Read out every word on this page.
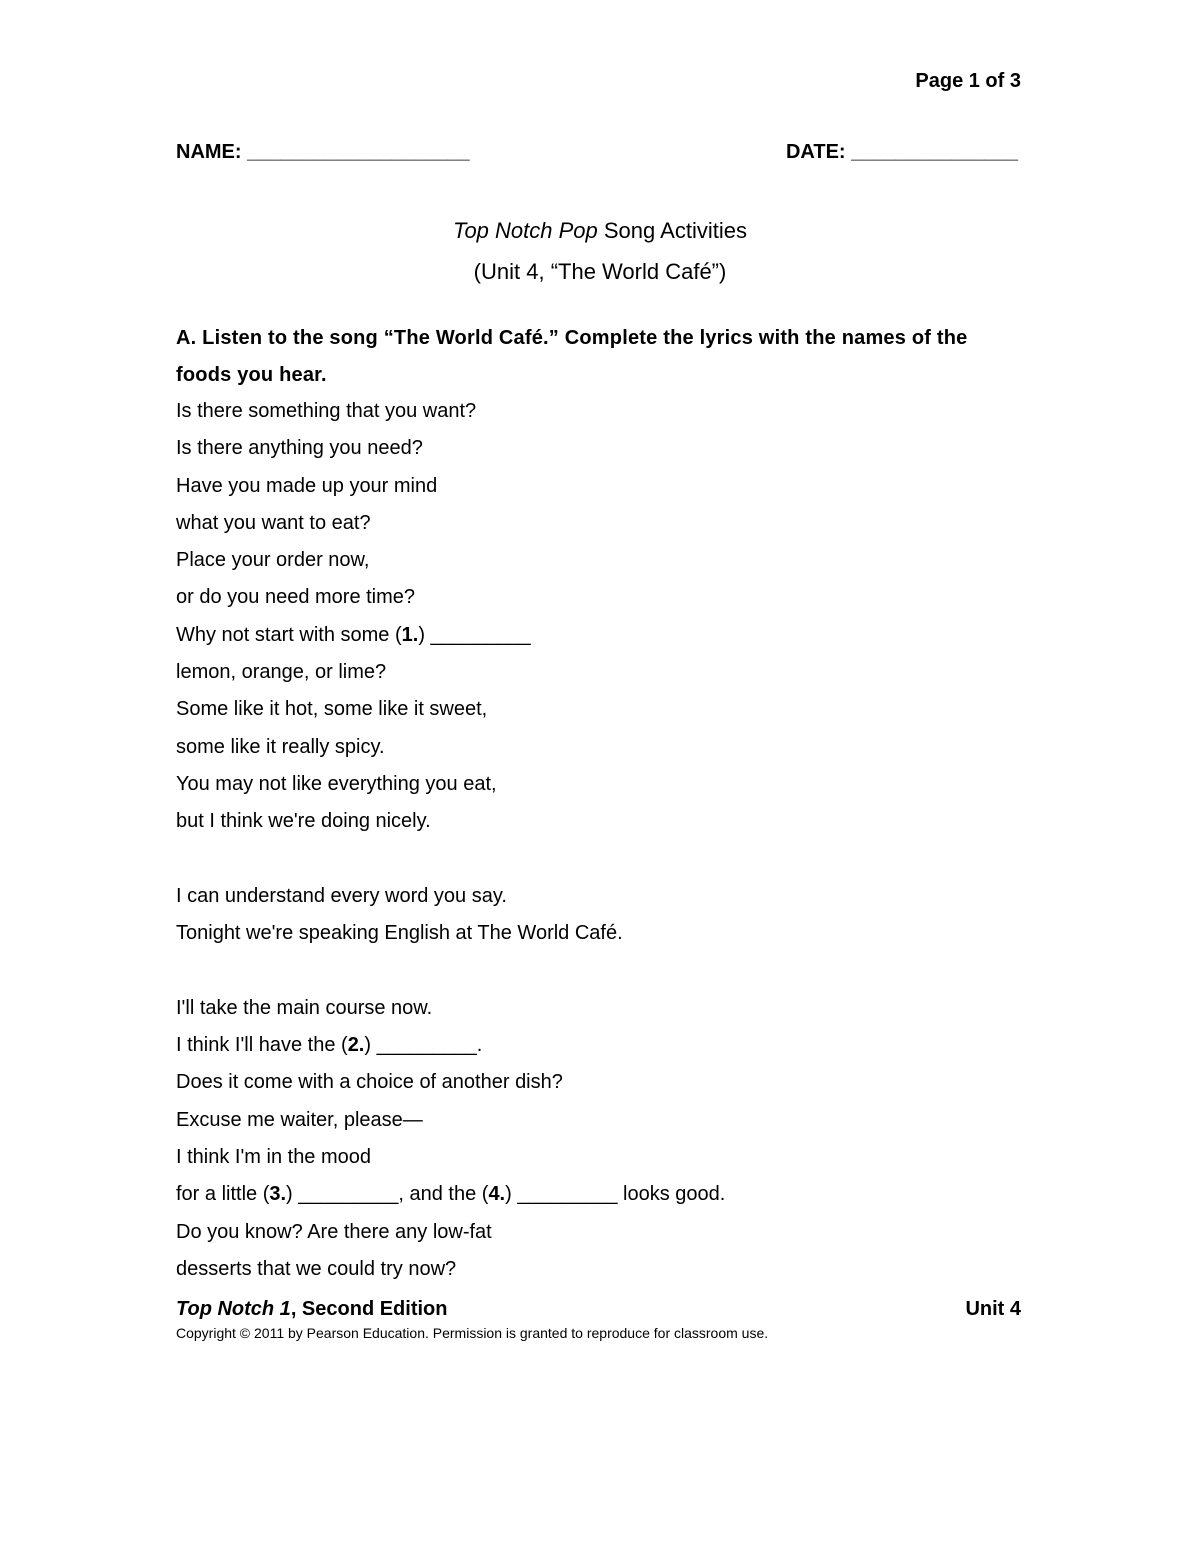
Page 1 of 3
NAME: ____________________	DATE: _______________
Top Notch Pop Song Activities
(Unit 4, “The World Café”)
A. Listen to the song “The World Café.” Complete the lyrics with the names of the foods you hear.
Is there something that you want?
Is there anything you need?
Have you made up your mind
what you want to eat?
Place your order now,
or do you need more time?
Why not start with some (1.) _________
lemon, orange, or lime?
Some like it hot, some like it sweet,
some like it really spicy.
You may not like everything you eat,
but I think we're doing nicely.
I can understand every word you say.
Tonight we're speaking English at The World Café.
I'll take the main course now.
I think I'll have the (2.) _________.
Does it come with a choice of another dish?
Excuse me waiter, please—
I think I'm in the mood
for a little (3.) _________, and the (4.) _________ looks good.
Do you know? Are there any low-fat
desserts that we could try now?
Top Notch 1, Second Edition	Unit 4
Copyright © 2011 by Pearson Education. Permission is granted to reproduce for classroom use.
